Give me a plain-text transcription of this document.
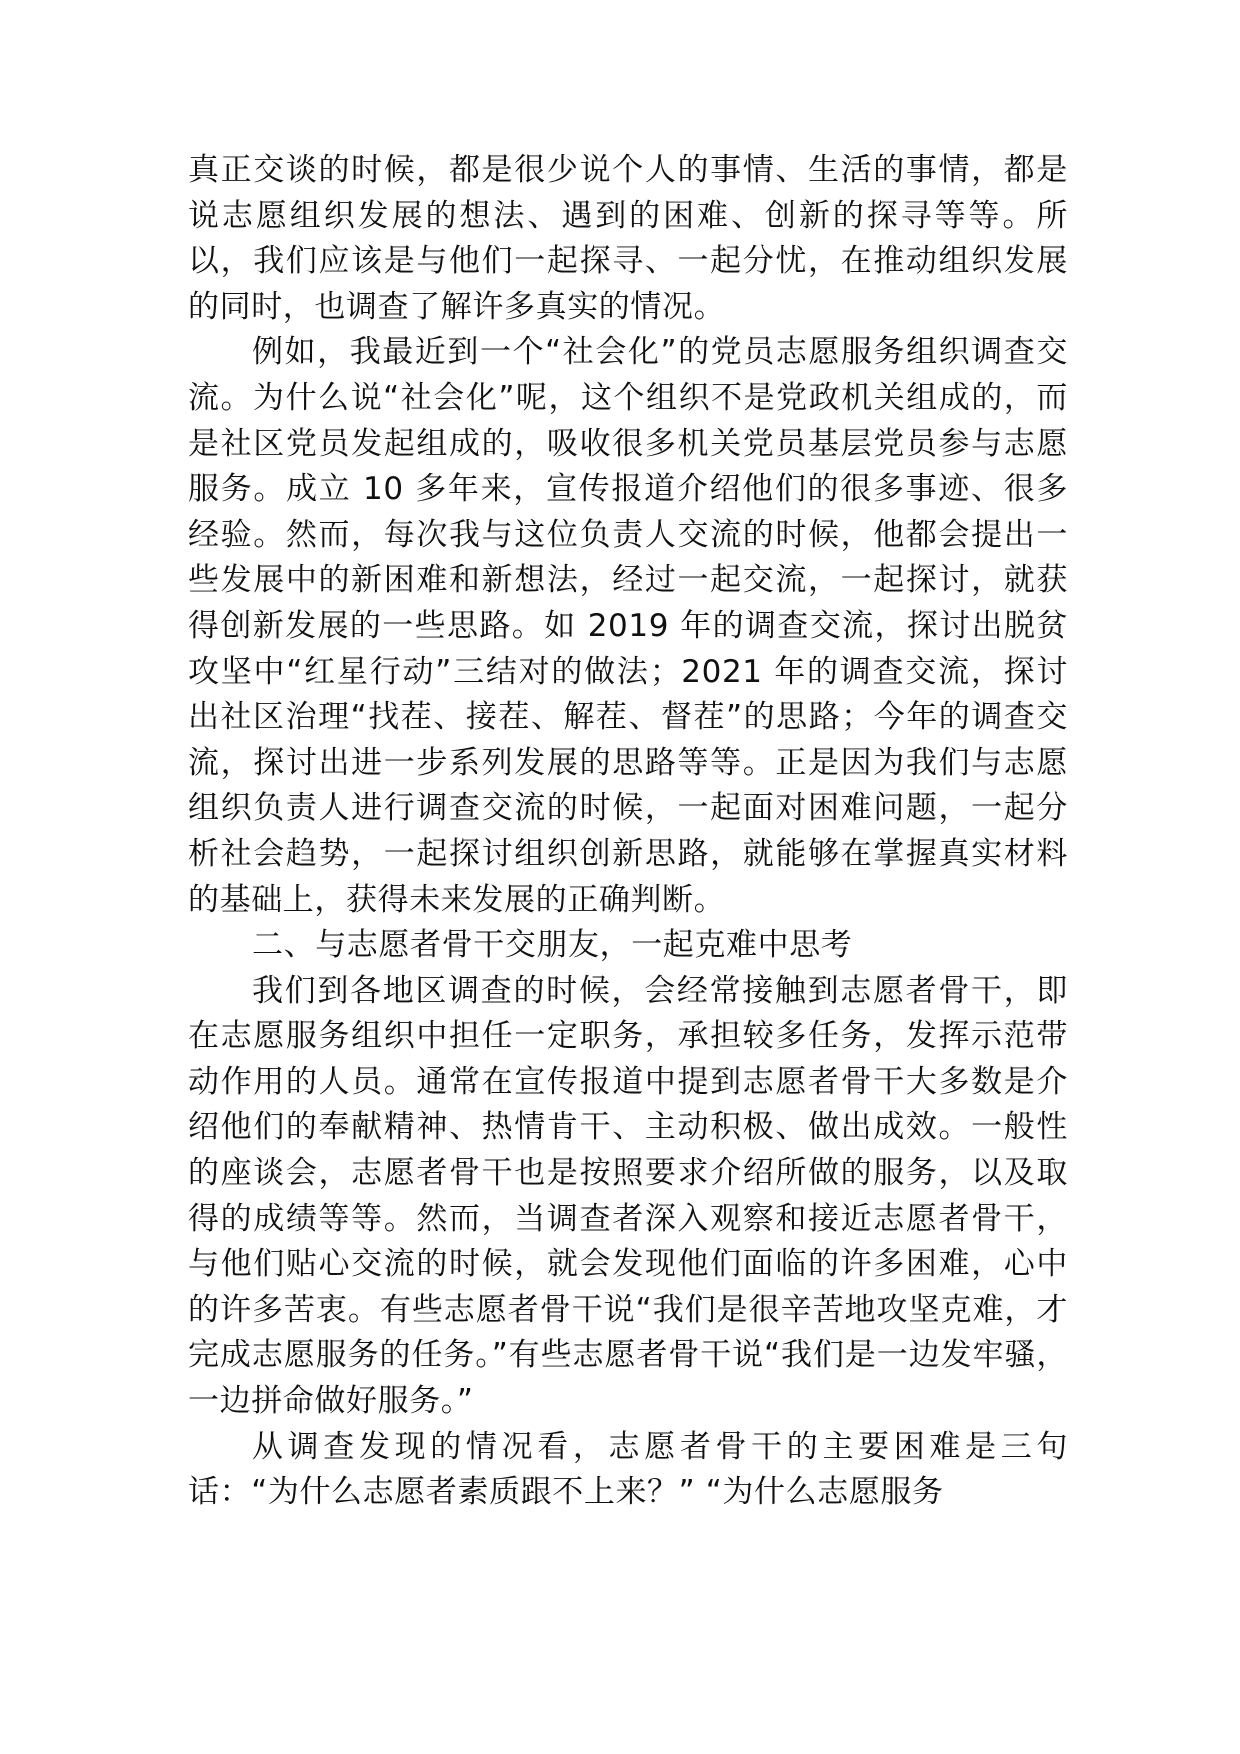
真正交谈的时候，都是很少说个人的事情、生活的事情，都是说志愿组织发展的想法、遇到的困难、创新的探寻等等。所以，我们应该是与他们一起探寻、一起分忧，在推动组织发展的同时，也调查了解许多真实的情况。

例如，我最近到一个“社会化”的党员志愿服务组织调查交流。为什么说“社会化”呢，这个组织不是党政机关组成的，而是社区党员发起组成的，吸收很多机关党员基层党员参与志愿服务。成立 10 多年来，宣传报道介绍他们的很多事迹、很多经验。然而，每次我与这位负责人交流的时候，他都会提出一些发展中的新困难和新想法，经过一起交流，一起探讨，就获得创新发展的一些思路。如 2019 年的调查交流，探讨出脱贫攻坚中“红星行动”三结对的做法；2021 年的调查交流，探讨出社区治理“找茬、接茬、解茬、督茬”的思路；今年的调查交流，探讨出进一步系列发展的思路等等。正是因为我们与志愿组织负责人进行调查交流的时候，一起面对困难问题，一起分析社会趋势，一起探讨组织创新思路，就能够在掌握真实材料的基础上，获得未来发展的正确判断。

二、与志愿者骨干交朋友，一起克难中思考

我们到各地区调查的时候，会经常接触到志愿者骨干，即在志愿服务组织中担任一定职务，承担较多任务，发挥示范带动作用的人员。通常在宣传报道中提到志愿者骨干大多数是介绍他们的奉献精神、热情肯干、主动积极、做出成效。一般性的座谈会，志愿者骨干也是按照要求介绍所做的服务，以及取得的成绩等等。然而，当调查者深入观察和接近志愿者骨干，与他们贴心交流的时候，就会发现他们面临的许多困难，心中的许多苦衷。有些志愿者骨干说“我们是很辛苦地攻坚克难，才完成志愿服务的任务。”有些志愿者骨干说“我们是一边发牢骚，一边拼命做好服务。”

从调查发现的情况看，志愿者骨干的主要困难是三句话：“为什么志愿者素质跟不上来？” “为什么志愿服务
